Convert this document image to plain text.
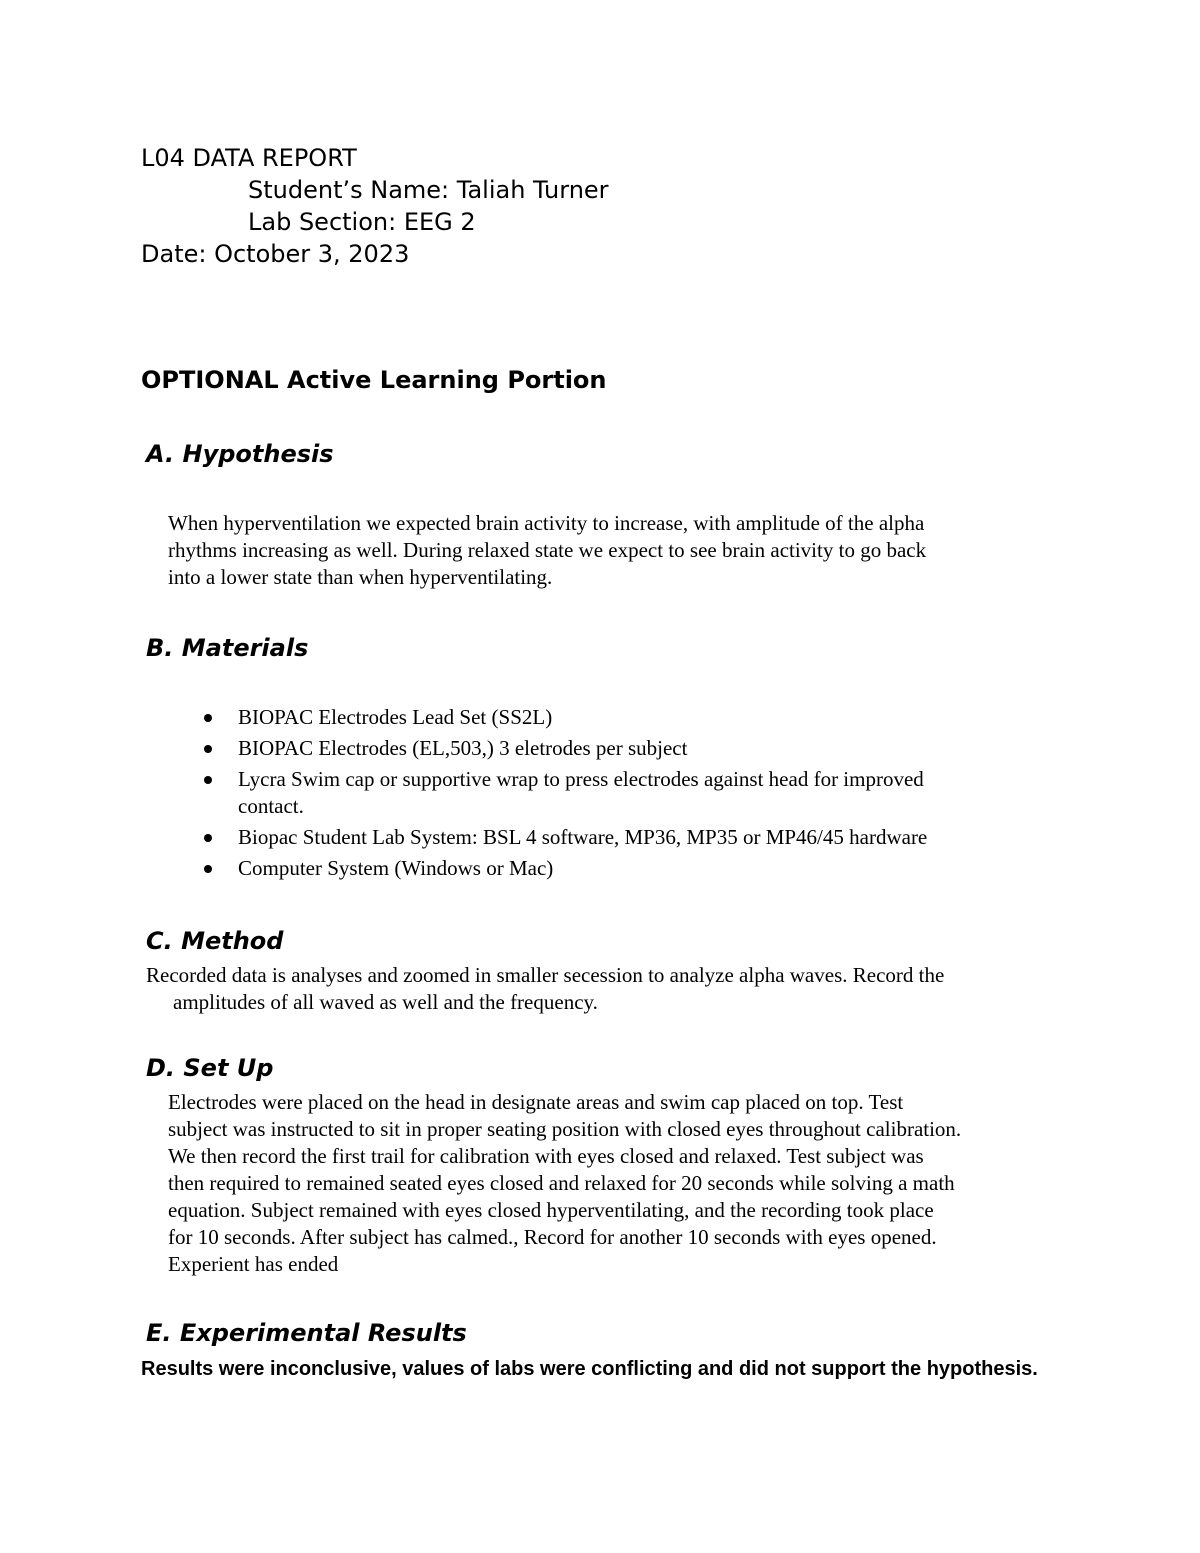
L04 DATA REPORT
Student’s Name: Taliah Turner
Lab Section: EEG 2
Date: October 3, 2023
OPTIONAL Active Learning Portion
A. Hypothesis

When hyperventilation we expected brain activity to increase, with amplitude of the alpha

rhythms increasing as well. During relaxed state we expect to see brain activity to go back

into a lower state than when hyperventilating.

B. Materials
BIOPAC Electrodes Lead Set (SS2L)
BIOPAC Electrodes (EL,503,) 3 eletrodes per subject
Lycra Swim cap or supportive wrap to press electrodes against head for improved
contact.
Biopac Student Lab System: BSL 4 software, MP36, MP35 or MP46/45 hardware
Computer System (Windows or Mac)
C. Method

Recorded data is analyses and zoomed in smaller secession to analyze alpha waves. Record the

amplitudes of all waved as well and the frequency.

D. Set Up

Electrodes were placed on the head in designate areas and swim cap placed on top. Test

subject was instructed to sit in proper seating position with closed eyes throughout calibration.

We then record the first trail for calibration with eyes closed and relaxed. Test subject was

then required to remained seated eyes closed and relaxed for 20 seconds while solving a math

equation. Subject remained with eyes closed hyperventilating, and the recording took place

for 10 seconds. After subject has calmed., Record for another 10 seconds with eyes opened.

Experient has ended

E. Experimental Results
Results were inconclusive, values of labs were conflicting and did not support the hypothesis.
